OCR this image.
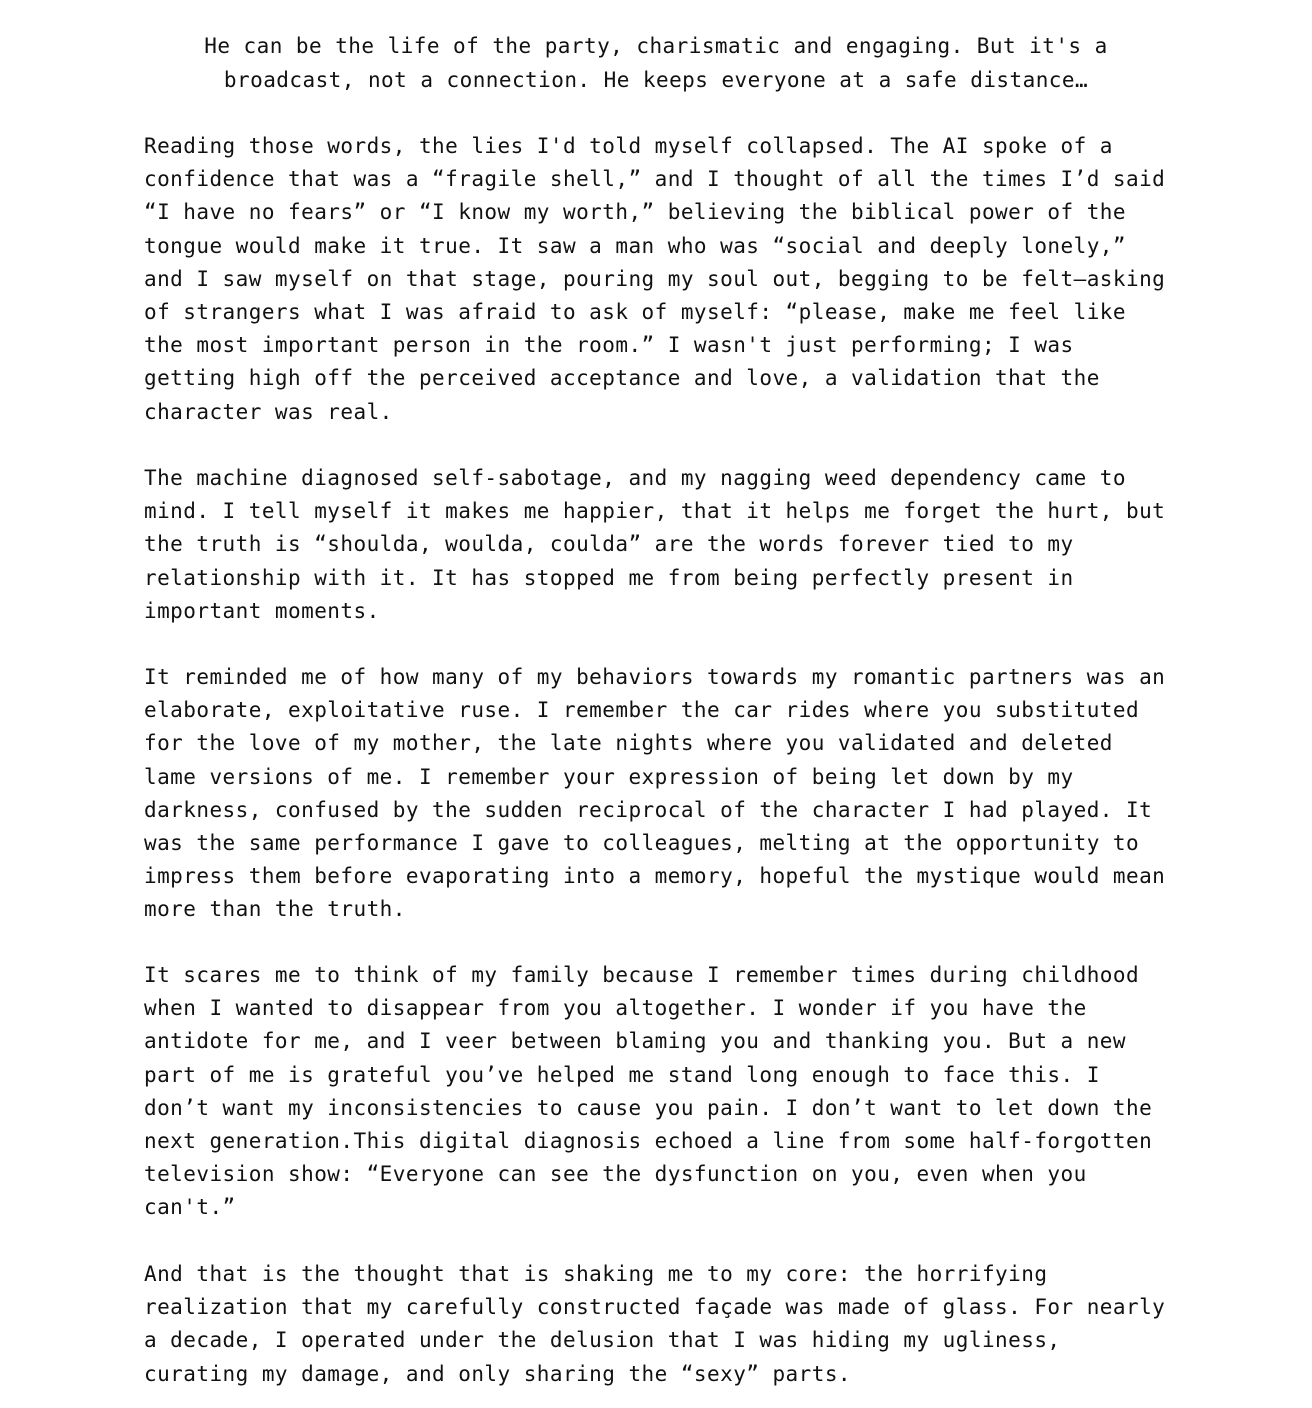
He can be the life of the party, charismatic and engaging. But it's a
broadcast, not a connection. He keeps everyone at a safe distance…

Reading those words, the lies I'd told myself collapsed. The AI spoke of a
confidence that was a “fragile shell,” and I thought of all the times I’d said
“I have no fears” or “I know my worth,” believing the biblical power of the
tongue would make it true. It saw a man who was “social and deeply lonely,”
and I saw myself on that stage, pouring my soul out, begging to be felt—asking
of strangers what I was afraid to ask of myself: “please, make me feel like
the most important person in the room.” I wasn't just performing; I was
getting high off the perceived acceptance and love, a validation that the
character was real.

The machine diagnosed self-sabotage, and my nagging weed dependency came to
mind. I tell myself it makes me happier, that it helps me forget the hurt, but
the truth is “shoulda, woulda, coulda” are the words forever tied to my
relationship with it. It has stopped me from being perfectly present in
important moments.

It reminded me of how many of my behaviors towards my romantic partners was an
elaborate, exploitative ruse. I remember the car rides where you substituted
for the love of my mother, the late nights where you validated and deleted
lame versions of me. I remember your expression of being let down by my
darkness, confused by the sudden reciprocal of the character I had played. It
was the same performance I gave to colleagues, melting at the opportunity to
impress them before evaporating into a memory, hopeful the mystique would mean
more than the truth.

It scares me to think of my family because I remember times during childhood
when I wanted to disappear from you altogether. I wonder if you have the
antidote for me, and I veer between blaming you and thanking you. But a new
part of me is grateful you’ve helped me stand long enough to face this. I
don’t want my inconsistencies to cause you pain. I don’t want to let down the
next generation.This digital diagnosis echoed a line from some half-forgotten
television show: “Everyone can see the dysfunction on you, even when you
can't.”

And that is the thought that is shaking me to my core: the horrifying
realization that my carefully constructed façade was made of glass. For nearly
a decade, I operated under the delusion that I was hiding my ugliness,
curating my damage, and only sharing the “sexy” parts.
